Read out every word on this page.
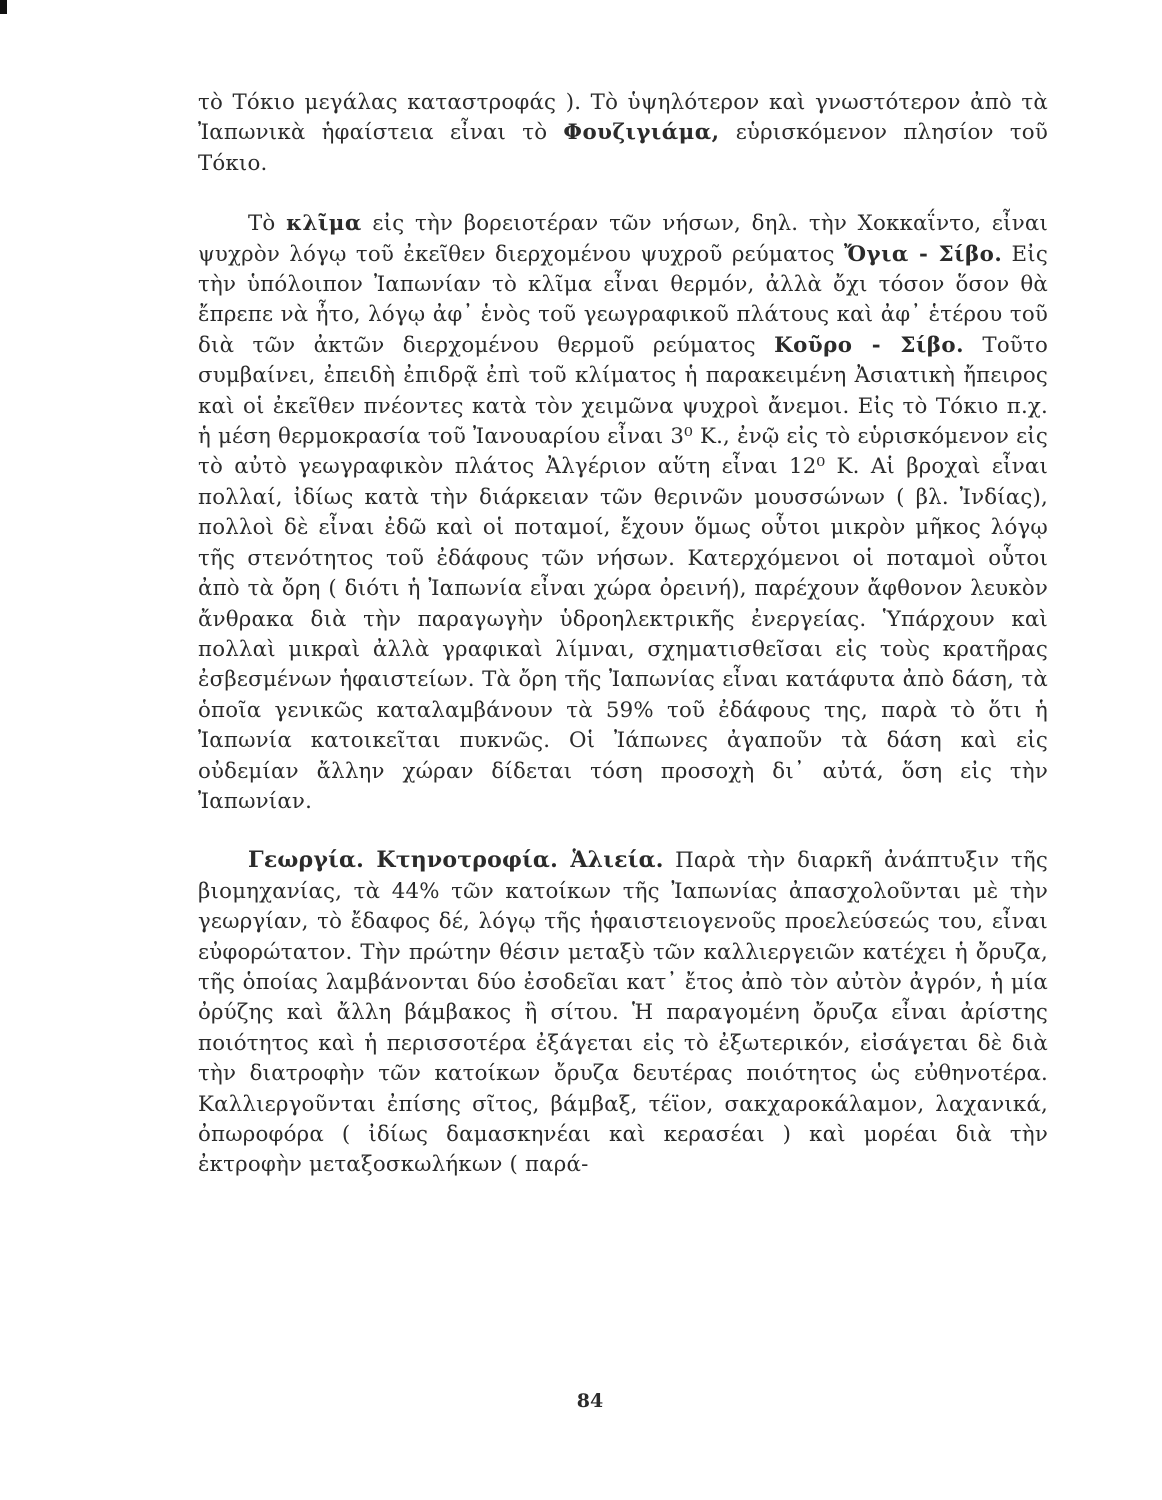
τὸ Τόκιο μεγάλας καταστροφάς ). Τὸ ὑψηλότερον καὶ γνωστότερον ἀπὸ τὰ Ἰαπωνικὰ ἡφαίστεια εἶναι τὸ Φουζιγιάμα, εὑρισκόμενον πλησίον τοῦ Τόκιο.

Τὸ κλῖμα εἰς τὴν βορειοτέραν τῶν νήσων, δηλ. τὴν Χοκκαΐντο, εἶναι ψυχρὸν λόγῳ τοῦ ἐκεῖθεν διερχομένου ψυχροῦ ρεύματος Ὄγια - Σίβο. Εἰς τὴν ὑπόλοιπον Ἰαπωνίαν τὸ κλῖμα εἶναι θερμόν, ἀλλὰ ὄχι τόσον ὅσον θὰ ἔπρεπε νὰ ἦτο, λόγῳ ἀφ᾽ ἑνὸς τοῦ γεωγραφικοῦ πλάτους καὶ ἀφ᾽ ἑτέρου τοῦ διὰ τῶν ἀκτῶν διερχομένου θερμοῦ ρεύματος Κοῦρο - Σίβο. Τοῦτο συμβαίνει, ἐπειδὴ ἐπιδρᾷ ἐπὶ τοῦ κλίματος ἡ παρακειμένη Ἀσιατικὴ ἤπειρος καὶ οἱ ἐκεῖθεν πνέοντες κατὰ τὸν χειμῶνα ψυχροὶ ἄνεμοι. Εἰς τὸ Τόκιο π.χ. ἡ μέση θερμοκρασία τοῦ Ἰανουαρίου εἶναι 3⁰ Κ., ἐνῷ εἰς τὸ εὑρισκόμενον εἰς τὸ αὐτὸ γεωγραφικὸν πλάτος Ἀλγέριον αὕτη εἶναι 12⁰ Κ. Αἱ βροχαὶ εἶναι πολλαί, ἰδίως κατὰ τὴν διάρκειαν τῶν θερινῶν μουσσώνων ( βλ. Ἰνδίας), πολλοὶ δὲ εἶναι ἐδῶ καὶ οἱ ποταμοί, ἔχουν ὅμως οὗτοι μικρὸν μῆκος λόγῳ τῆς στενότητος τοῦ ἐδάφους τῶν νήσων. Κατερχόμενοι οἱ ποταμοὶ οὗτοι ἀπὸ τὰ ὄρη ( διότι ἡ Ἰαπωνία εἶναι χώρα ὀρεινή), παρέχουν ἄφθονον λευκὸν ἄνθρακα διὰ τὴν παραγωγὴν ὑδροηλεκτρικῆς ἐνεργείας. Ὑπάρχουν καὶ πολλαὶ μικραὶ ἀλλὰ γραφικαὶ λίμναι, σχηματισθεῖσαι εἰς τοὺς κρατῆρας ἐσβεσμένων ἡφαιστείων. Τὰ ὄρη τῆς Ἰαπωνίας εἶναι κατάφυτα ἀπὸ δάση, τὰ ὁποῖα γενικῶς καταλαμβάνουν τὰ 59% τοῦ ἐδάφους της, παρὰ τὸ ὅτι ἡ Ἰαπωνία κατοικεῖται πυκνῶς. Οἱ Ἰάπωνες ἀγαποῦν τὰ δάση καὶ εἰς οὐδεμίαν ἄλλην χώραν δίδεται τόση προσοχὴ δι᾽ αὐτά, ὅση εἰς τὴν Ἰαπωνίαν.

Γεωργία. Κτηνοτροφία. Ἁλιεία. Παρὰ τὴν διαρκῆ ἀνάπτυξιν τῆς βιομηχανίας, τὰ 44% τῶν κατοίκων τῆς Ἰαπωνίας ἀπασχολοῦνται μὲ τὴν γεωργίαν, τὸ ἔδαφος δέ, λόγῳ τῆς ἡφαιστειογενοῦς προελεύσεώς του, εἶναι εὐφορώτατον. Τὴν πρώτην θέσιν μεταξὺ τῶν καλλιεργειῶν κατέχει ἡ ὄρυζα, τῆς ὁποίας λαμβάνονται δύο ἐσοδεῖαι κατ᾽ ἔτος ἀπὸ τὸν αὐτὸν ἀγρόν, ἡ μία ὀρύζης καὶ ἄλλη βάμβακος ἢ σίτου. Ἡ παραγομένη ὄρυζα εἶναι ἀρίστης ποιότητος καὶ ἡ περισσοτέρα ἐξάγεται εἰς τὸ ἐξωτερικόν, εἰσάγεται δὲ διὰ τὴν διατροφὴν τῶν κατοίκων ὄρυζα δευτέρας ποιότητος ὡς εὐθηνοτέρα. Καλλιεργοῦνται ἐπίσης σῖτος, βάμβαξ, τέϊον, σακχαροκάλαμον, λαχανικά, ὀπωροφόρα ( ἰδίως δαμασκηνέαι καὶ κερασέαι ) καὶ μορέαι διὰ τὴν ἐκτροφὴν μεταξοσκωλήκων ( παρά-

84
